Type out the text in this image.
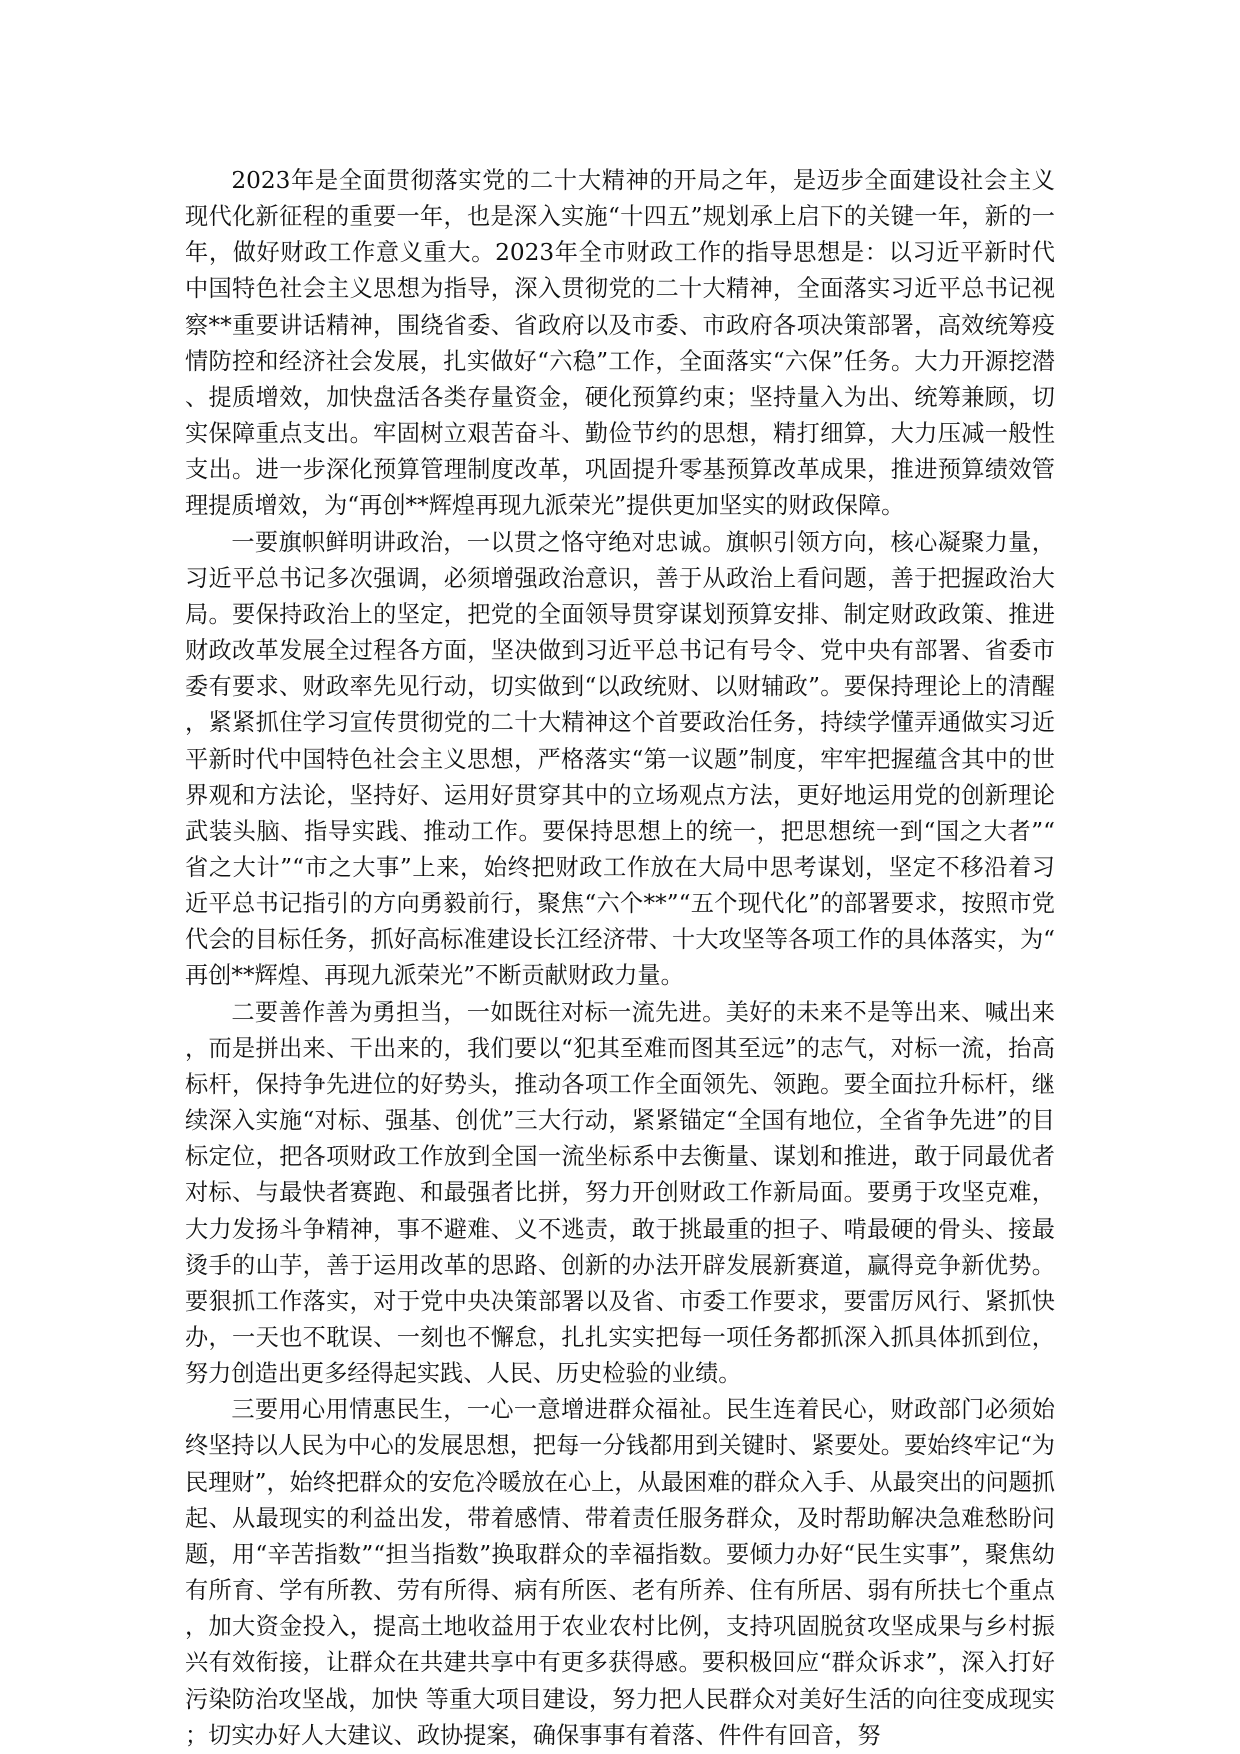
2023年是全面贯彻落实党的二十大精神的开局之年，是迈步全面建设社会主义现代化新征程的重要一年，也是深入实施“十四五”规划承上启下的关键一年，新的一年，做好财政工作意义重大。2023年全市财政工作的指导思想是：以习近平新时代中国特色社会主义思想为指导，深入贯彻党的二十大精神，全面落实习近平总书记视察**重要讲话精神，围绕省委、省政府以及市委、市政府各项决策部署，高效统筹疫情防控和经济社会发展，扎实做好“六稳”工作，全面落实“六保”任务。大力开源挖潜、提质增效，加快盘活各类存量资金，硬化预算约束；坚持量入为出、统筹兼顾，切实保障重点支出。牢固树立艰苦奋斗、勤俭节约的思想，精打细算，大力压减一般性支出。进一步深化预算管理制度改革，巩固提升零基预算改革成果，推进预算绩效管理提质增效，为“再创**辉煌再现九派荣光”提供更加坚实的财政保障。

一要旗帜鲜明讲政治，一以贯之恪守绝对忠诚。旗帜引领方向，核心凝聚力量，习近平总书记多次强调，必须增强政治意识，善于从政治上看问题，善于把握政治大局。要保持政治上的坚定，把党的全面领导贯穿谋划预算安排、制定财政政策、推进财政改革发展全过程各方面，坚决做到习近平总书记有号令、党中央有部署、省委市委有要求、财政率先见行动，切实做到“以政统财、以财辅政”。要保持理论上的清醒，紧紧抓住学习宣传贯彻党的二十大精神这个首要政治任务，持续学懂弄通做实习近平新时代中国特色社会主义思想，严格落实“第一议题”制度，牢牢把握蕴含其中的世界观和方法论，坚持好、运用好贯穿其中的立场观点方法，更好地运用党的创新理论武装头脑、指导实践、推动工作。要保持思想上的统一，把思想统一到“国之大者”“省之大计”“市之大事”上来，始终把财政工作放在大局中思考谋划，坚定不移沿着习近平总书记指引的方向勇毅前行，聚焦“六个**”“五个现代化”的部署要求，按照市党代会的目标任务，抓好高标准建设长江经济带、十大攻坚等各项工作的具体落实，为“再创**辉煌、再现九派荣光”不断贡献财政力量。

二要善作善为勇担当，一如既往对标一流先进。美好的未来不是等出来、喊出来，而是拼出来、干出来的，我们要以“犯其至难而图其至远”的志气，对标一流，抬高标杆，保持争先进位的好势头，推动各项工作全面领先、领跑。要全面拉升标杆，继续深入实施“对标、强基、创优”三大行动，紧紧锚定“全国有地位，全省争先进”的目标定位，把各项财政工作放到全国一流坐标系中去衡量、谋划和推进，敢于同最优者对标、与最快者赛跑、和最强者比拼，努力开创财政工作新局面。要勇于攻坚克难，大力发扬斗争精神，事不避难、义不逃责，敢于挑最重的担子、啃最硬的骨头、接最烫手的山芋，善于运用改革的思路、创新的办法开辟发展新赛道，赢得竞争新优势。要狠抓工作落实，对于党中央决策部署以及省、市委工作要求，要雷厉风行、紧抓快办，一天也不耽误、一刻也不懈怠，扎扎实实把每一项任务都抓深入抓具体抓到位，努力创造出更多经得起实践、人民、历史检验的业绩。

三要用心用情惠民生，一心一意增进群众福祉。民生连着民心，财政部门必须始终坚持以人民为中心的发展思想，把每一分钱都用到关键时、紧要处。要始终牢记“为民理财”，始终把群众的安危冷暖放在心上，从最困难的群众入手、从最突出的问题抓起、从最现实的利益出发，带着感情、带着责任服务群众，及时帮助解决急难愁盼问题，用“辛苦指数”“担当指数”换取群众的幸福指数。要倾力办好“民生实事”，聚焦幼有所育、学有所教、劳有所得、病有所医、老有所养、住有所居、弱有所扶七个重点，加大资金投入，提高土地收益用于农业农村比例，支持巩固脱贫攻坚成果与乡村振兴有效衔接，让群众在共建共享中有更多获得感。要积极回应“群众诉求”，深入打好污染防治攻坚战，加快 等重大项目建设，努力把人民群众对美好生活的向往变成现实；切实办好人大建议、政协提案，确保事事有着落、件件有回音，努
